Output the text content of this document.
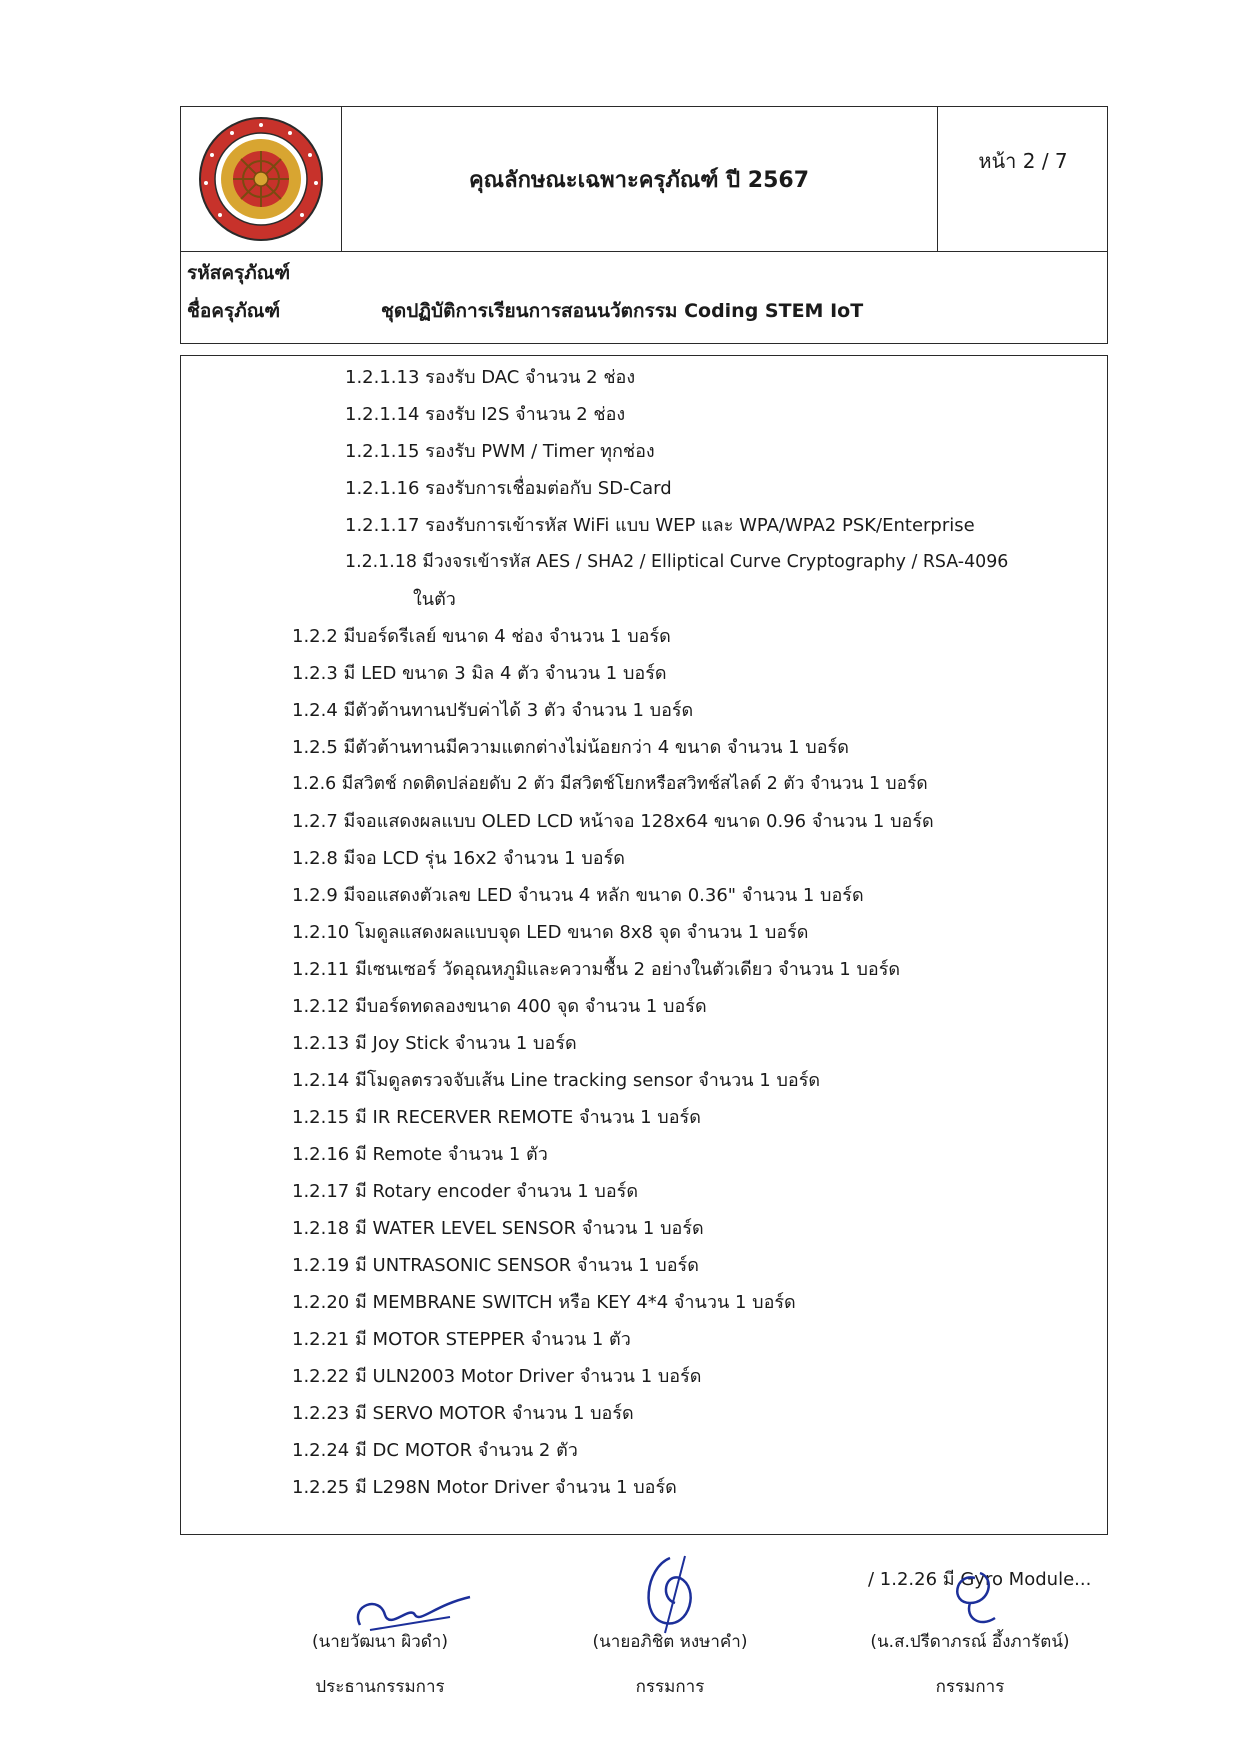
คุณลักษณะเฉพาะครุภัณฑ์ ปี 2567
หน้า 2 / 7
รหัสครุภัณฑ์
ชื่อครุภัณฑ์	ชุดปฏิบัติการเรียนการสอนนวัตกรรม Coding STEM IoT
1.2.1.13 รองรับ DAC จำนวน 2 ช่อง
1.2.1.14 รองรับ I2S จำนวน 2 ช่อง
1.2.1.15 รองรับ PWM / Timer ทุกช่อง
1.2.1.16 รองรับการเชื่อมต่อกับ SD-Card
1.2.1.17 รองรับการเข้ารหัส WiFi แบบ WEP และ WPA/WPA2 PSK/Enterprise
1.2.1.18 มีวงจรเข้ารหัส AES / SHA2 / Elliptical Curve Cryptography / RSA-4096
ในตัว
1.2.2 มีบอร์ดรีเลย์ ขนาด 4 ช่อง จำนวน 1 บอร์ด
1.2.3 มี LED ขนาด 3 มิล 4 ตัว จำนวน 1 บอร์ด
1.2.4 มีตัวต้านทานปรับค่าได้ 3 ตัว จำนวน 1 บอร์ด
1.2.5 มีตัวต้านทานมีความแตกต่างไม่น้อยกว่า 4 ขนาด จำนวน 1 บอร์ด
1.2.6 มีสวิตช์ กดติดปล่อยดับ 2 ตัว มีสวิตช์โยกหรือสวิทช์สไลด์ 2 ตัว จำนวน 1 บอร์ด
1.2.7 มีจอแสดงผลแบบ OLED LCD หน้าจอ 128x64 ขนาด 0.96 จำนวน 1 บอร์ด
1.2.8 มีจอ LCD รุ่น 16x2 จำนวน 1 บอร์ด
1.2.9 มีจอแสดงตัวเลข LED จำนวน 4 หลัก ขนาด 0.36" จำนวน 1 บอร์ด
1.2.10 โมดูลแสดงผลแบบจุด LED ขนาด 8x8 จุด จำนวน 1 บอร์ด
1.2.11 มีเซนเซอร์ วัดอุณหภูมิและความชื้น 2 อย่างในตัวเดียว จำนวน 1 บอร์ด
1.2.12 มีบอร์ดทดลองขนาด 400 จุด จำนวน 1 บอร์ด
1.2.13 มี Joy Stick จำนวน 1 บอร์ด
1.2.14 มีโมดูลตรวจจับเส้น Line tracking sensor จำนวน 1 บอร์ด
1.2.15 มี IR RECERVER REMOTE จำนวน 1 บอร์ด
1.2.16 มี Remote จำนวน 1 ตัว
1.2.17 มี Rotary encoder จำนวน 1 บอร์ด
1.2.18 มี WATER LEVEL SENSOR จำนวน 1 บอร์ด
1.2.19 มี UNTRASONIC SENSOR จำนวน 1 บอร์ด
1.2.20 มี MEMBRANE SWITCH หรือ KEY 4*4 จำนวน 1 บอร์ด
1.2.21 มี MOTOR STEPPER จำนวน 1 ตัว
1.2.22 มี ULN2003 Motor Driver จำนวน 1 บอร์ด
1.2.23 มี SERVO MOTOR จำนวน 1 บอร์ด
1.2.24 มี DC MOTOR จำนวน 2 ตัว
1.2.25 มี L298N Motor Driver จำนวน 1 บอร์ด
/ 1.2.26 มี Gyro Module...
(นายวัฒนา ผิวดำ)
ประธานกรรมการ
(นายอภิชิต หงษาคำ)
กรรมการ
(น.ส.ปรีดาภรณ์ อึ้งภารัตน์)
กรรมการ
